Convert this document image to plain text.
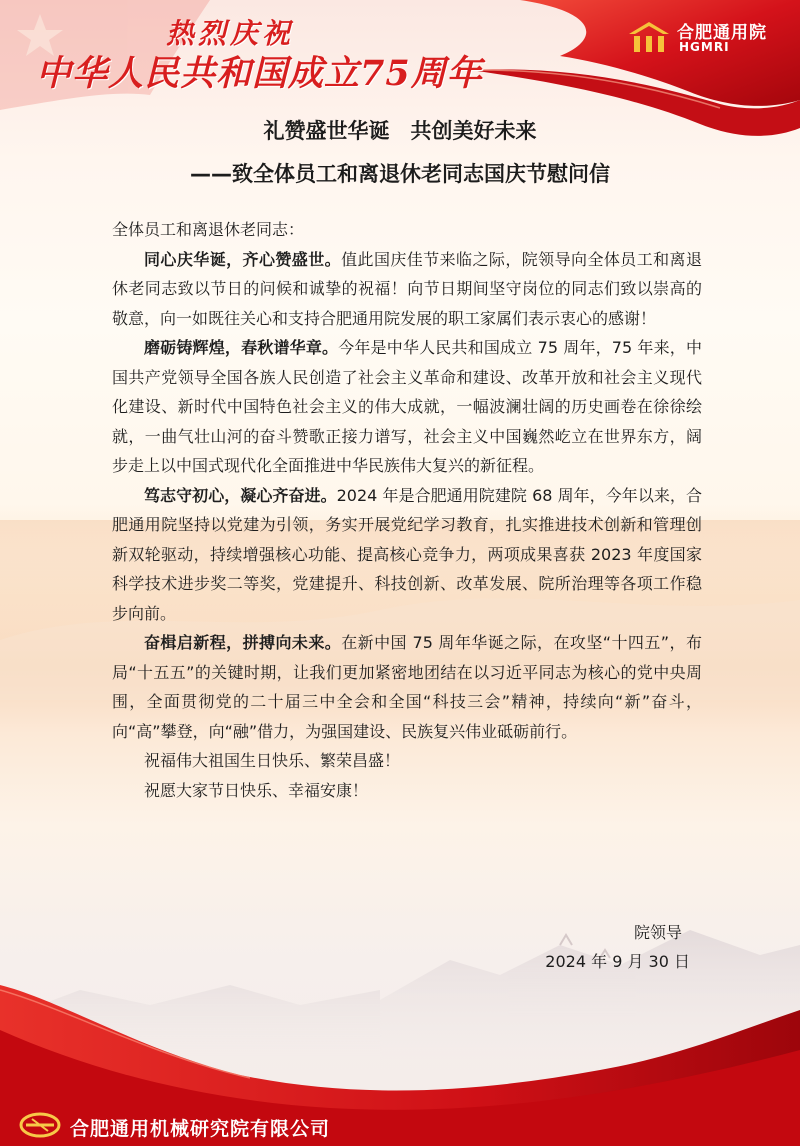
热烈庆祝
中华人民共和国成立75周年
合肥通用院
HGMRI
礼赞盛世华诞　共创美好未来
——致全体员工和离退休老同志国庆节慰问信

全体员工和离退休老同志：

同心庆华诞，齐心赞盛世。值此国庆佳节来临之际，院领导向全体员工和离退休老同志致以节日的问候和诚挚的祝福！向节日期间坚守岗位的同志们致以崇高的敬意，向一如既往关心和支持合肥通用院发展的职工家属们表示衷心的感谢！

磨砺铸辉煌，春秋谱华章。今年是中华人民共和国成立 75 周年，75 年来，中国共产党领导全国各族人民创造了社会主义革命和建设、改革开放和社会主义现代化建设、新时代中国特色社会主义的伟大成就，一幅波澜壮阔的历史画卷在徐徐绘就，一曲气壮山河的奋斗赞歌正接力谱写，社会主义中国巍然屹立在世界东方，阔步走上以中国式现代化全面推进中华民族伟大复兴的新征程。

笃志守初心，凝心齐奋进。2024 年是合肥通用院建院 68 周年，今年以来，合肥通用院坚持以党建为引领，务实开展党纪学习教育，扎实推进技术创新和管理创新双轮驱动，持续增强核心功能、提高核心竞争力，两项成果喜获 2023 年度国家科学技术进步奖二等奖，党建提升、科技创新、改革发展、院所治理等各项工作稳步向前。

奋楫启新程，拼搏向未来。在新中国 75 周年华诞之际，在攻坚“十四五”，布局“十五五”的关键时期，让我们更加紧密地团结在以习近平同志为核心的党中央周围，全面贯彻党的二十届三中全会和全国“科技三会”精神，持续向“新”奋斗，向“高”攀登，向“融”借力，为强国建设、民族复兴伟业砥砺前行。

祝福伟大祖国生日快乐、繁荣昌盛！

祝愿大家节日快乐、幸福安康！

院领导
2024 年 9 月 30 日
合肥通用机械研究院有限公司
